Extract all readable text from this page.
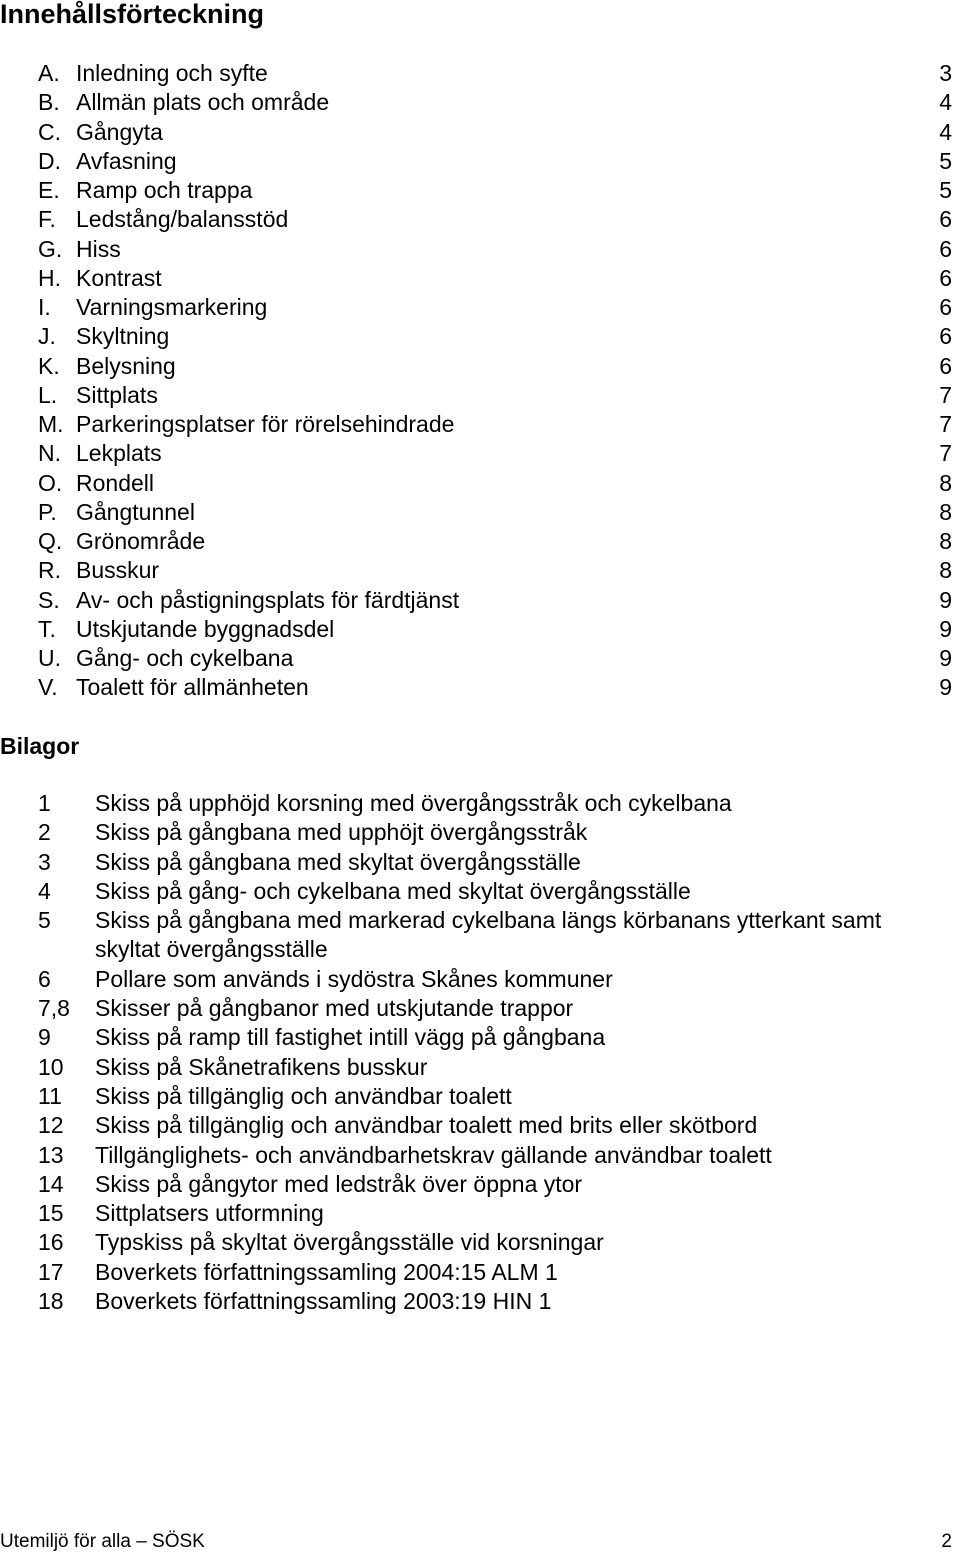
Innehållsförteckning
A. Inledning och syfte	3
B. Allmän plats och område	4
C. Gångyta	4
D. Avfasning	5
E. Ramp och trappa	5
F. Ledstång/balansstöd	6
G. Hiss	6
H. Kontrast	6
I. Varningsmarkering	6
J. Skyltning	6
K. Belysning	6
L. Sittplats	7
M. Parkeringsplatser för rörelsehindrade	7
N. Lekplats	7
O. Rondell	8
P. Gångtunnel	8
Q. Grönområde	8
R. Busskur	8
S. Av- och påstigningsplats för färdtjänst	9
T. Utskjutande byggnadsdel	9
U. Gång- och cykelbana	9
V. Toalett för allmänheten	9
Bilagor
1 Skiss på upphöjd korsning med övergångsstråk och cykelbana
2 Skiss på gångbana med upphöjt övergångsstråk
3 Skiss på gångbana med skyltat övergångsställe
4 Skiss på gång- och cykelbana med skyltat övergångsställe
5 Skiss på gångbana med markerad cykelbana längs körbanans ytterkant samt skyltat övergångsställe
6 Pollare som används i sydöstra Skånes kommuner
7,8 Skisser på gångbanor med utskjutande trappor
9 Skiss på ramp till fastighet intill vägg på gångbana
10 Skiss på Skånetrafikens busskur
11 Skiss på tillgänglig och användbar toalett
12 Skiss på tillgänglig och användbar toalett med brits eller skötbord
13 Tillgänglighets- och användbarhetskrav gällande användbar toalett
14 Skiss på gångytor med ledstråk över öppna ytor
15 Sittplatsers utformning
16 Typskiss på skyltat övergångsställe vid korsningar
17 Boverkets författningssamling 2004:15 ALM 1
18 Boverkets författningssamling 2003:19 HIN 1
Utemiljö för alla – SÖSK	2
